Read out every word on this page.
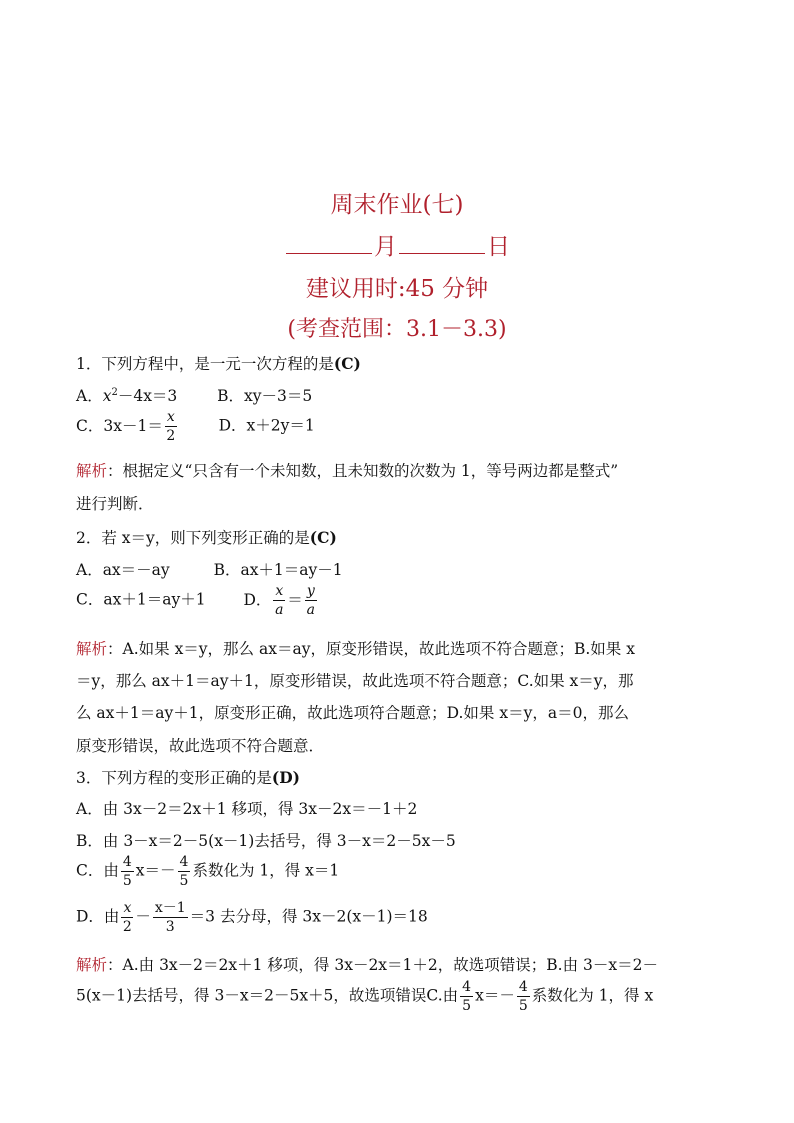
周末作业(七)
月	日
建议用时:45 分钟
(考查范围：3.1－3.3)
1．下列方程中，是一元一次方程的是(C)
A．$x^2-4x=3$	B．xy－3＝5
C．$3x-1= \frac{x}{2}$	D．x＋2y＝1
解析：根据定义“只含有一个未知数，且未知数的次数为 1，等号两边都是整式”
进行判断．
2．若 x＝y，则下列变形正确的是(C)
A．ax＝－ay	B．ax＋1＝ay－1
C．ax＋1＝ay＋1 D． $\frac{x}{a} = \frac{y}{a}$
解析：A.如果 x＝y，那么 ax＝ay，原变形错误，故此选项不符合题意；B.如果 x
＝y，那么 ax＋1＝ay＋1，原变形错误，故此选项不符合题意；C.如果 x＝y，那
么 ax＋1＝ay＋1，原变形正确，故此选项符合题意；D.如果 x＝y，a＝0，那么
原变形错误，故此选项不符合题意．
3．下列方程的变形正确的是(D)
A．由 3x－2＝2x＋1 移项，得 3x－2x＝－1＋2
B．由 3－x＝2－5(x－1)去括号，得 3－x＝2－5x－5
C．由 $\frac{4}{5} x=- \frac{4}{5}$ 系数化为 1，得 x＝1
D．由 $\frac{x}{2} - \frac{x-1}{3} =3$ 去分母，得 3x－2(x－1)＝18
解析：A.由 3x－2＝2x＋1 移项，得 3x－2x＝1＋2，故选项错误；B.由 3－x＝2－
5(x－1)去括号，得 3－x＝2－5x＋5，故选项错误C.由 $\frac{4}{5} x=- \frac{4}{5}$ 系数化为 1，得 x
